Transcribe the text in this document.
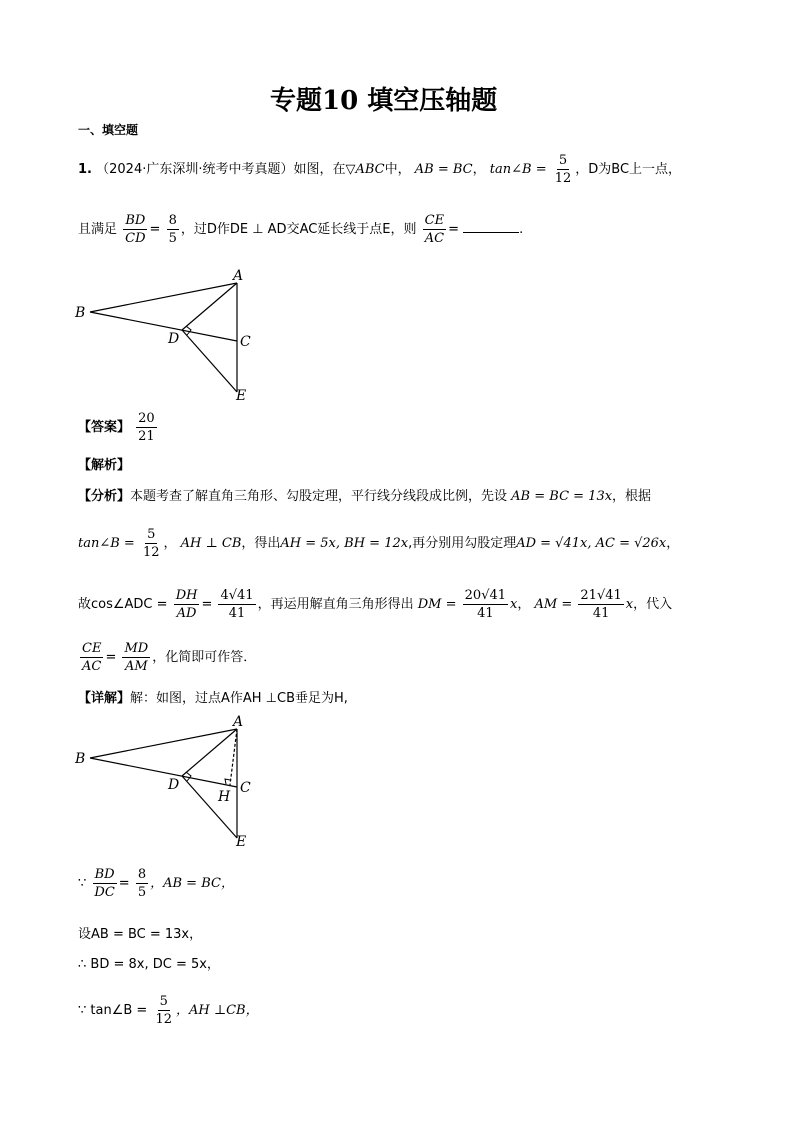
专题10 填空压轴题
一、填空题
1. （2024·广东深圳·统考中考真题）如图，在▽ABC中， AB = BC， tan∠B = $\frac{5}{12}$ ，D为BC上一点，
且满足 $\frac{BD}{CD} = \frac{8}{5}$ ，过D作DE ⊥ AD交AC延长线于点E，则 $\frac{CE}{AC}$ =	.
A
B
C
D
E
【答案】 $\frac{20}{21}$
【解析】
【分析】本题考查了解直角三角形、勾股定理，平行线分线段成比例，先设 AB = BC = 13x，根据
tan∠B = $\frac{5}{12}$ ， AH ⊥ CB，得出AH = 5x, BH = 12x,再分别用勾股定理AD = √41x, AC = √26x，
故cos∠ADC = $\frac{DH}{AD} = \frac{4√41}{41}$ ，再运用解直角三角形得出 DM = $\frac{20√41}{41}$ x， AM = $\frac{21√41}{41}$ x，代入
$\frac{CE}{AC} = \frac{MD}{AM}$ ，化简即可作答．
【详解】解：如图，过点A作AH ⊥CB垂足为H,
A
B
C
D
H
E
∵ $\frac{BD}{DC} = \frac{8}{5}$ ，AB = BC，
设AB = BC = 13x，
∴ BD = 8x, DC = 5x，
∵ tan∠B = $\frac{5}{12}$ ，AH ⊥CB，
